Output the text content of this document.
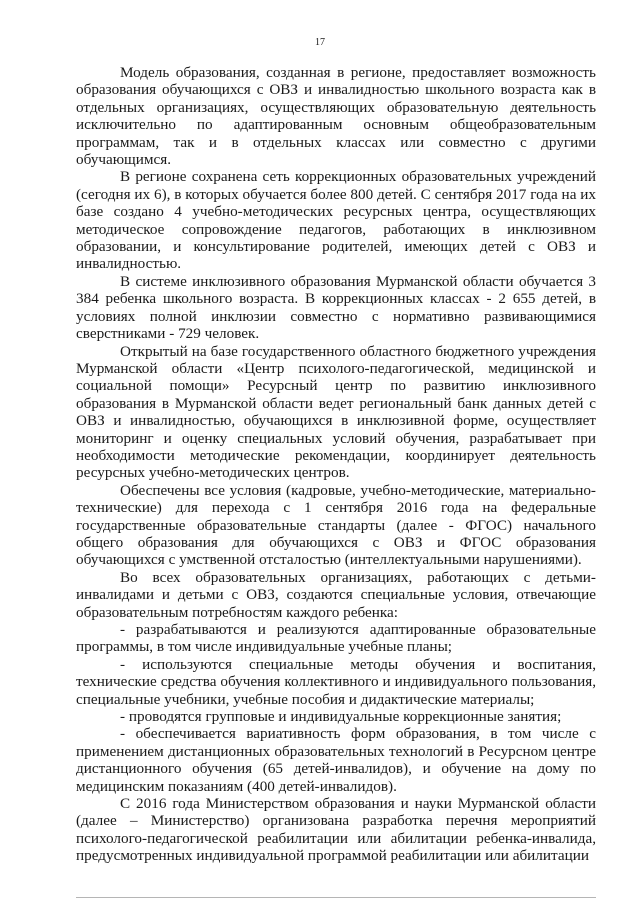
17

Модель образования, созданная в регионе, предоставляет возможность образования обучающихся с ОВЗ и инвалидностью школьного возраста как в отдельных организациях, осуществляющих образовательную деятельность исключительно по адаптированным основным общеобразовательным программам, так и в отдельных классах или совместно с другими обучающимся.

В регионе сохранена сеть коррекционных образовательных учреждений (сегодня их 6), в которых обучается более 800 детей. С сентября 2017 года на их базе создано 4 учебно-методических ресурсных центра, осуществляющих методическое сопровождение педагогов, работающих в инклюзивном образовании, и консультирование родителей, имеющих детей с ОВЗ и инвалидностью.

В системе инклюзивного образования Мурманской области обучается 3 384 ребенка школьного возраста. В коррекционных классах - 2 655 детей, в условиях полной инклюзии совместно с нормативно развивающимися сверстниками - 729 человек.

Открытый на базе государственного областного бюджетного учреждения Мурманской области «Центр психолого-педагогической, медицинской и социальной помощи» Ресурсный центр по развитию инклюзивного образования в Мурманской области ведет региональный банк данных детей с ОВЗ и инвалидностью, обучающихся в инклюзивной форме, осуществляет мониторинг и оценку специальных условий обучения, разрабатывает при необходимости методические рекомендации, координирует деятельность ресурсных учебно-методических центров.

Обеспечены все условия (кадровые, учебно-методические, материально-технические) для перехода с 1 сентября 2016 года на федеральные государственные образовательные стандарты (далее - ФГОС) начального общего образования для обучающихся с ОВЗ и ФГОС образования обучающихся с умственной отсталостью (интеллектуальными нарушениями).

Во всех образовательных организациях, работающих с детьми-инвалидами и детьми с ОВЗ, создаются специальные условия, отвечающие образовательным потребностям каждого ребенка:

- разрабатываются и реализуются адаптированные образовательные программы, в том числе индивидуальные учебные планы;

- используются специальные методы обучения и воспитания, технические средства обучения коллективного и индивидуального пользования, специальные учебники, учебные пособия и дидактические материалы;

- проводятся групповые и индивидуальные коррекционные занятия;

- обеспечивается вариативность форм образования, в том числе с применением дистанционных образовательных технологий в Ресурсном центре дистанционного обучения (65 детей-инвалидов), и обучение на дому по медицинским показаниям (400 детей-инвалидов).

С 2016 года Министерством образования и науки Мурманской области (далее – Министерство) организована разработка перечня мероприятий психолого-педагогической реабилитации или абилитации ребенка-инвалида, предусмотренных индивидуальной программой реабилитации или абилитации
